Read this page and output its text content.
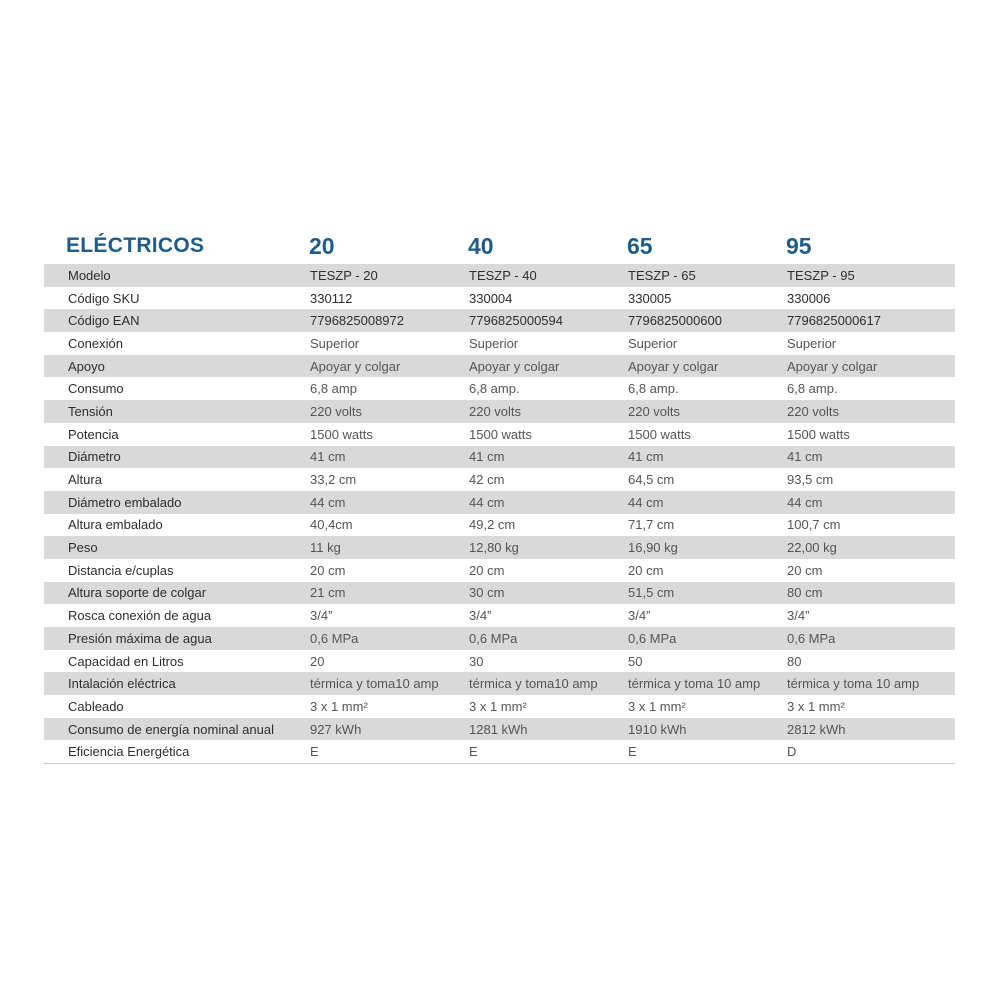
ELÉCTRICOS	20	40	65	95
Modelo	TESZP - 20	TESZP - 40	TESZP - 65	TESZP - 95
Código SKU	330112	330004	330005	330006
Código EAN	7796825008972	7796825000594	7796825000600	7796825000617
Conexión	Superior	Superior	Superior	Superior
Apoyo	Apoyar y colgar	Apoyar y colgar	Apoyar y colgar	Apoyar y colgar
Consumo	6,8 amp	6,8 amp.	6,8 amp.	6,8 amp.
Tensión	220 volts	220 volts	220 volts	220 volts
Potencia	1500 watts	1500 watts	1500 watts	1500 watts
Diámetro	41 cm	41 cm	41 cm	41 cm
Altura	33,2 cm	42 cm	64,5 cm	93,5 cm
Diámetro embalado	44 cm	44 cm	44 cm	44 cm
Altura embalado	40,4cm	49,2 cm	71,7 cm	100,7 cm
Peso	11 kg	12,80 kg	16,90 kg	22,00 kg
Distancia e/cuplas	20 cm	20 cm	20 cm	20 cm
Altura soporte de colgar	21 cm	30 cm	51,5 cm	80 cm
Rosca conexión de agua	3/4”	3/4”	3/4”	3/4”
Presión máxima de agua	0,6 MPa	0,6 MPa	0,6 MPa	0,6 MPa
Capacidad en Litros	20	30	50	80
Intalación eléctrica	térmica y toma10 amp	térmica y toma10 amp	térmica y toma 10 amp	térmica y toma 10 amp
Cableado	3 x 1 mm²	3 x 1 mm²	3 x 1 mm²	3 x 1 mm²
Consumo de energía nominal anual	927 kWh	1281 kWh	1910 kWh	2812 kWh
Eficiencia Energética	E	E	E	D
